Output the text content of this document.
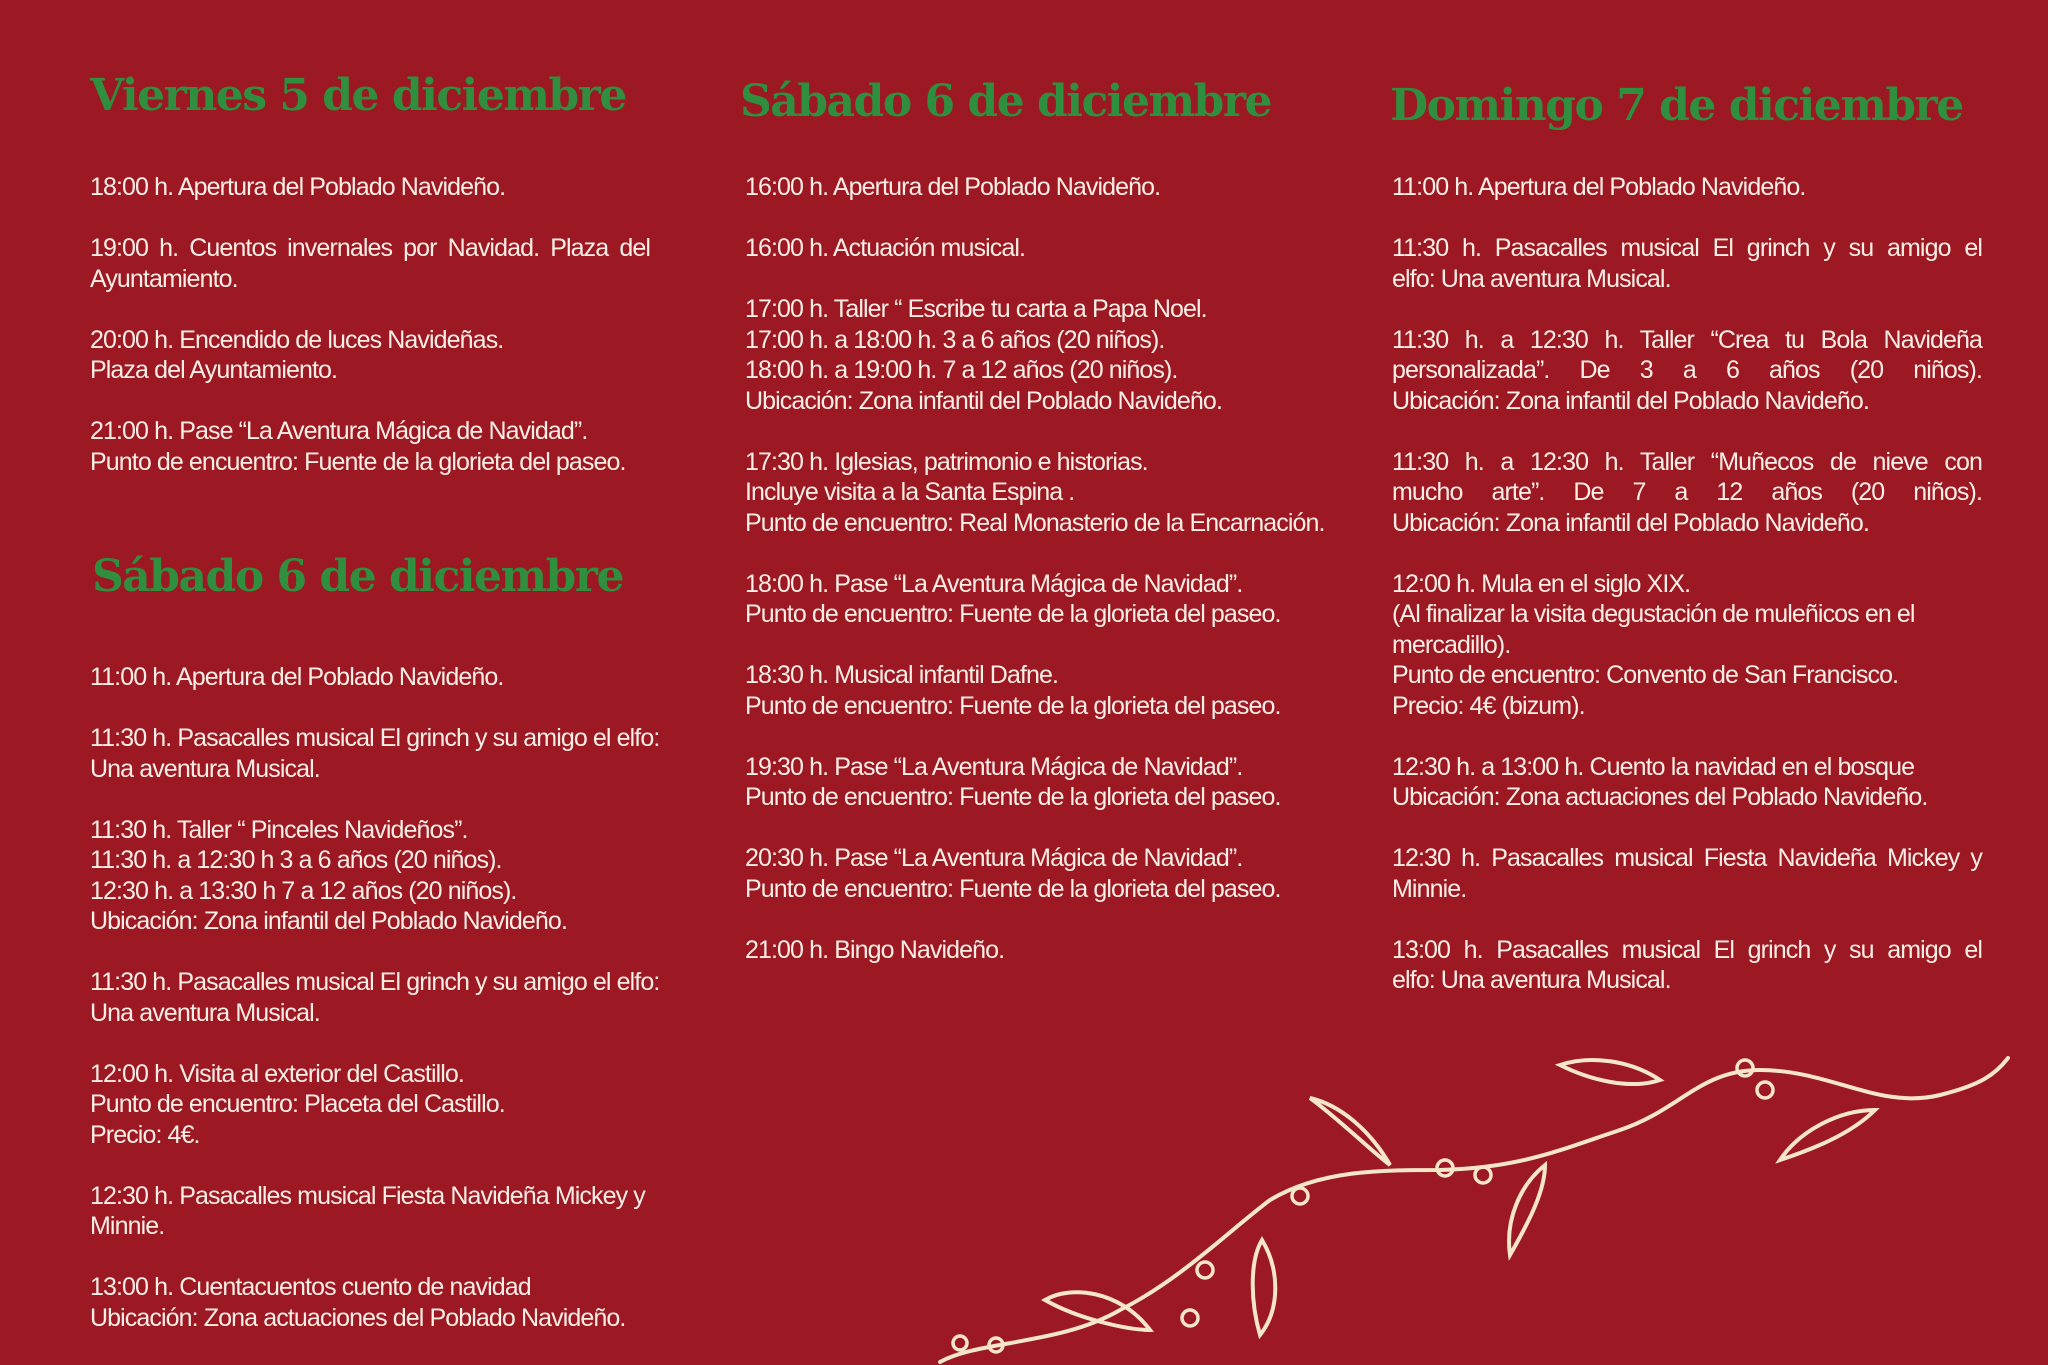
Viernes 5 de diciembre
18:00 h. Apertura del Poblado Navideño.
19:00 h. Cuentos invernales por Navidad. Plaza del
Ayuntamiento.
20:00 h. Encendido de luces Navideñas.
Plaza del Ayuntamiento.
21:00 h. Pase “La Aventura Mágica de Navidad”.
Punto de encuentro: Fuente de la glorieta del paseo.
Sábado 6 de diciembre
11:00 h. Apertura del Poblado Navideño.
11:30 h. Pasacalles musical El grinch y su amigo el elfo:
Una aventura Musical.
11:30 h. Taller “ Pinceles Navideños”.
11:30 h. a 12:30 h 3 a 6 años (20 niños).
12:30 h. a 13:30 h 7 a 12 años (20 niños).
Ubicación: Zona infantil del Poblado Navideño.
11:30 h. Pasacalles musical El grinch y su amigo el elfo:
Una aventura Musical.
12:00 h. Visita al exterior del Castillo.
Punto de encuentro: Placeta del Castillo.
Precio: 4€.
12:30 h. Pasacalles musical Fiesta Navideña Mickey y
Minnie.
13:00 h. Cuentacuentos cuento de navidad
Ubicación: Zona actuaciones del Poblado Navideño.
Sábado 6 de diciembre
16:00 h. Apertura del Poblado Navideño.
16:00 h. Actuación musical.
17:00 h. Taller “ Escribe tu carta a Papa Noel.
17:00 h. a 18:00 h. 3 a 6 años (20 niños).
18:00 h. a 19:00 h. 7 a 12 años (20 niños).
Ubicación: Zona infantil del Poblado Navideño.
17:30 h. Iglesias, patrimonio e historias.
Incluye visita a la Santa Espina .
Punto de encuentro: Real Monasterio de la Encarnación.
18:00 h. Pase “La Aventura Mágica de Navidad”.
Punto de encuentro: Fuente de la glorieta del paseo.
18:30 h. Musical infantil Dafne.
Punto de encuentro: Fuente de la glorieta del paseo.
19:30 h. Pase “La Aventura Mágica de Navidad”.
Punto de encuentro: Fuente de la glorieta del paseo.
20:30 h. Pase “La Aventura Mágica de Navidad”.
Punto de encuentro: Fuente de la glorieta del paseo.
21:00 h. Bingo Navideño.
Domingo 7 de diciembre
11:00 h. Apertura del Poblado Navideño.
11:30 h. Pasacalles musical El grinch y su amigo el
elfo: Una aventura Musical.
11:30 h. a 12:30 h. Taller “Crea tu Bola Navideña
personalizada”. De 3 a 6 años (20 niños).
Ubicación: Zona infantil del Poblado Navideño.
11:30 h. a 12:30 h. Taller “Muñecos de nieve con
mucho arte”. De 7 a 12 años (20 niños).
Ubicación: Zona infantil del Poblado Navideño.
12:00 h. Mula en el siglo XIX.
(Al finalizar la visita degustación de muleñicos en el
mercadillo).
Punto de encuentro: Convento de San Francisco.
Precio: 4€ (bizum).
12:30 h. a 13:00 h. Cuento la navidad en el bosque
Ubicación: Zona actuaciones del Poblado Navideño.
12:30 h. Pasacalles musical Fiesta Navideña Mickey y
Minnie.
13:00 h. Pasacalles musical El grinch y su amigo el
elfo: Una aventura Musical.
